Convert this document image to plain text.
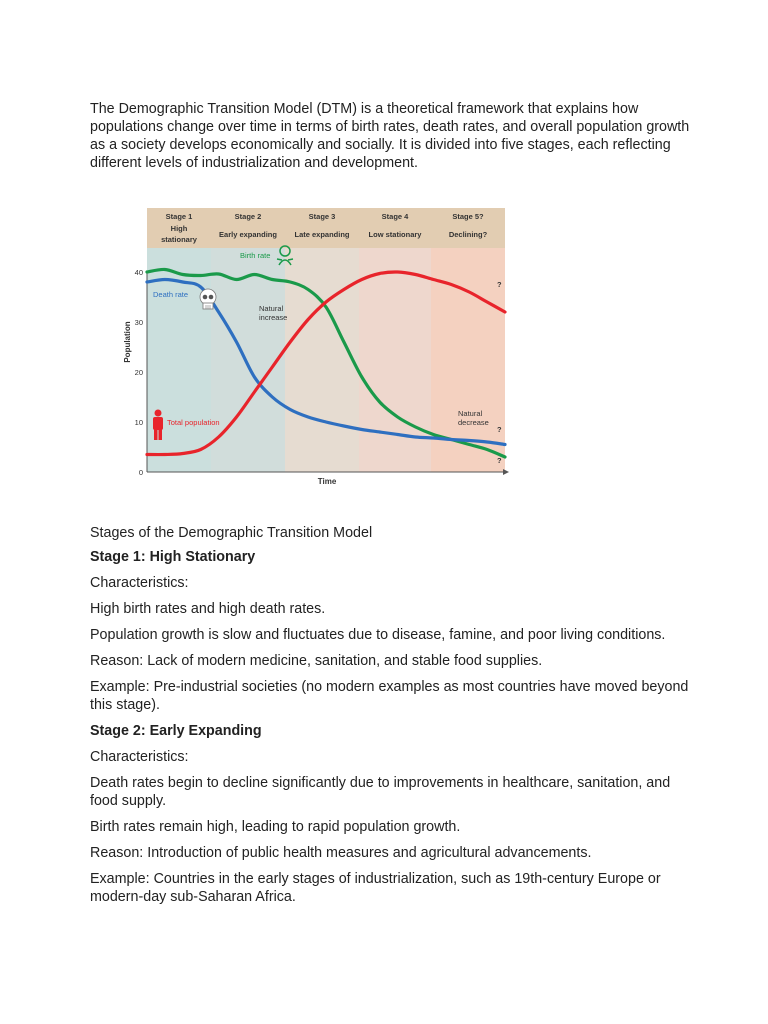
The Demographic Transition Model (DTM) is a theoretical framework that explains how populations change over time in terms of birth rates, death rates, and overall population growth as a society develops economically and socially. It is divided into five stages, each reflecting different levels of industrialization and development.

Stage 1
High
stationary
Stage 2
Early expanding
Stage 3
Late expanding
Stage 4
Low stationary
Stage 5?
Declining?
0
10
20
30
40
Population
Time
Birth rate
Death rate
Total population
Natural increase
Natural decrease
?
?
?

Stages of the Demographic Transition Model

Stage 1: High Stationary

Characteristics:

High birth rates and high death rates.

Population growth is slow and fluctuates due to disease, famine, and poor living conditions.

Reason: Lack of modern medicine, sanitation, and stable food supplies.

Example: Pre-industrial societies (no modern examples as most countries have moved beyond this stage).

Stage 2: Early Expanding

Characteristics:

Death rates begin to decline significantly due to improvements in healthcare, sanitation, and food supply.

Birth rates remain high, leading to rapid population growth.

Reason: Introduction of public health measures and agricultural advancements.

Example: Countries in the early stages of industrialization, such as 19th-century Europe or modern-day sub-Saharan Africa.
